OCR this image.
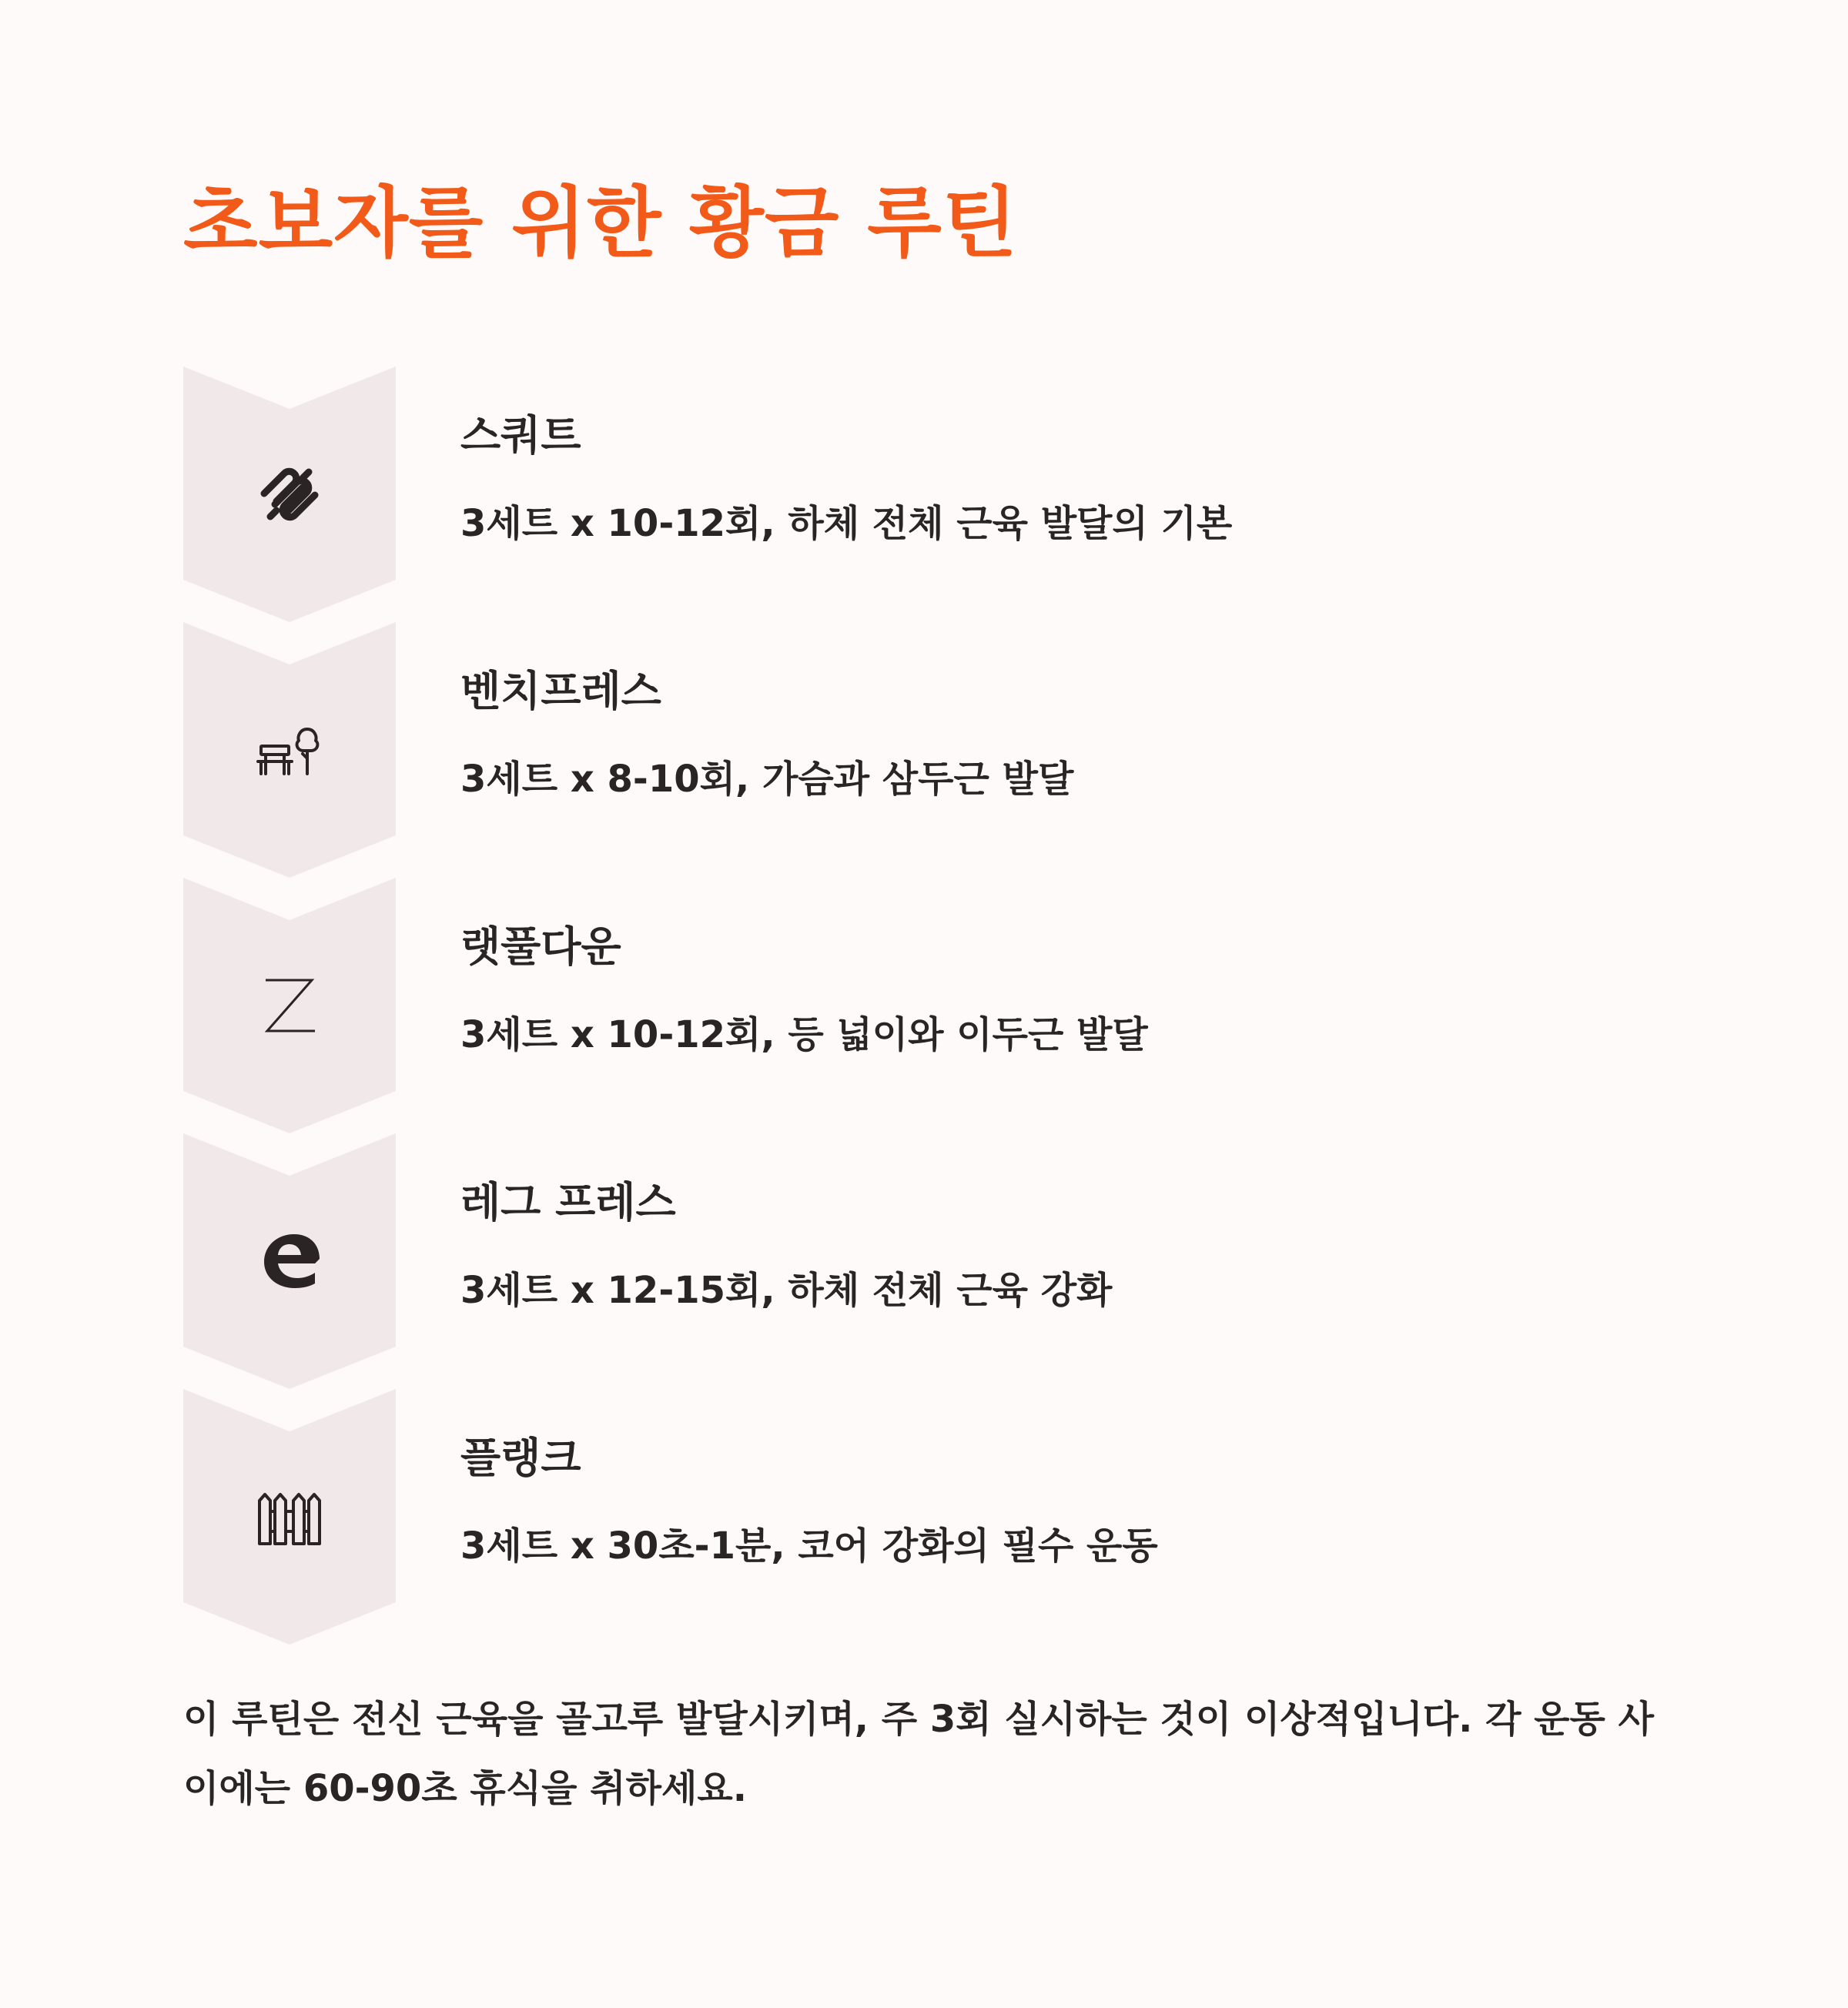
초보자를 위한 황금 루틴
스쿼트
3세트 x 10-12회, 하체 전체 근육 발달의 기본
벤치프레스
3세트 x 8-10회, 가슴과 삼두근 발달
랫풀다운
3세트 x 10-12회, 등 넓이와 이두근 발달
레그 프레스
3세트 x 12-15회, 하체 전체 근육 강화
플랭크
3세트 x 30초-1분, 코어 강화의 필수 운동

이 루틴은 전신 근육을 골고루 발달시키며, 주 3회 실시하는 것이 이상적입니다. 각 운동 사이에는 60-90초 휴식을 취하세요.
